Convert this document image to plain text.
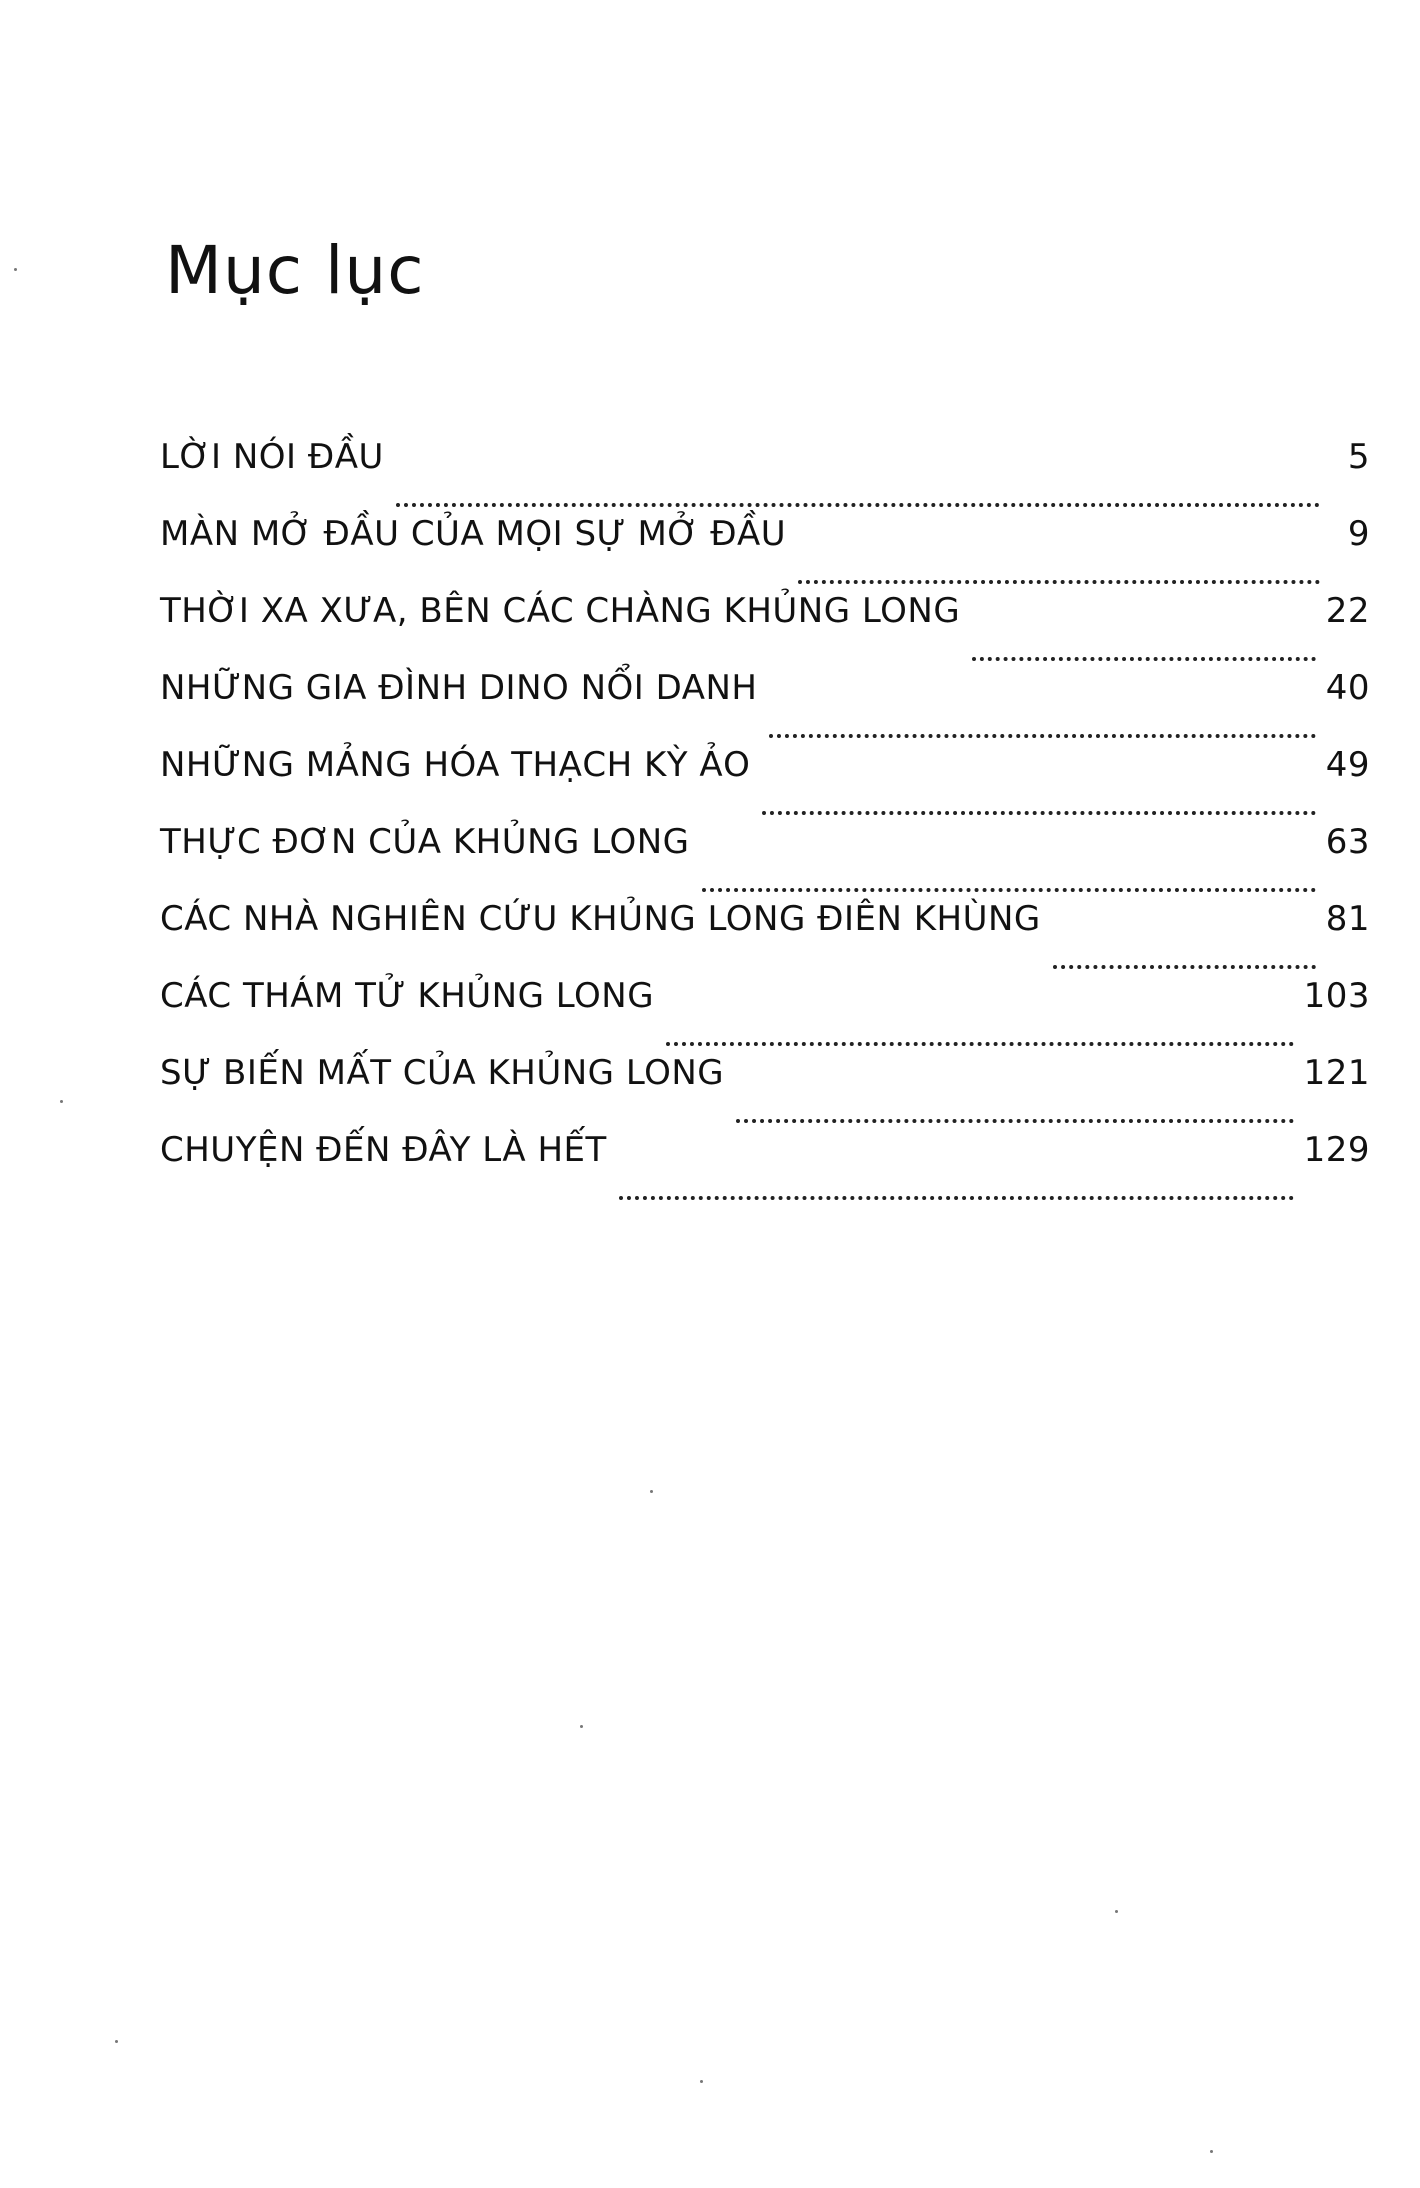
Mục lục
LỜI NÓI ĐẦU	5
MÀN MỞ ĐẦU CỦA MỌI SỰ MỞ ĐẦU	9
THỜI XA XƯA, BÊN CÁC CHÀNG KHỦNG LONG	22
NHỮNG GIA ĐÌNH DINO NỔI DANH	40
NHỮNG MẢNG HÓA THẠCH KỲ ẢO	49
THỰC ĐƠN CỦA KHỦNG LONG	63
CÁC NHÀ NGHIÊN CỨU KHỦNG LONG ĐIÊN KHÙNG	81
CÁC THÁM TỬ KHỦNG LONG	103
SỰ BIẾN MẤT CỦA KHỦNG LONG	121
CHUYỆN ĐẾN ĐÂY LÀ HẾT	129
